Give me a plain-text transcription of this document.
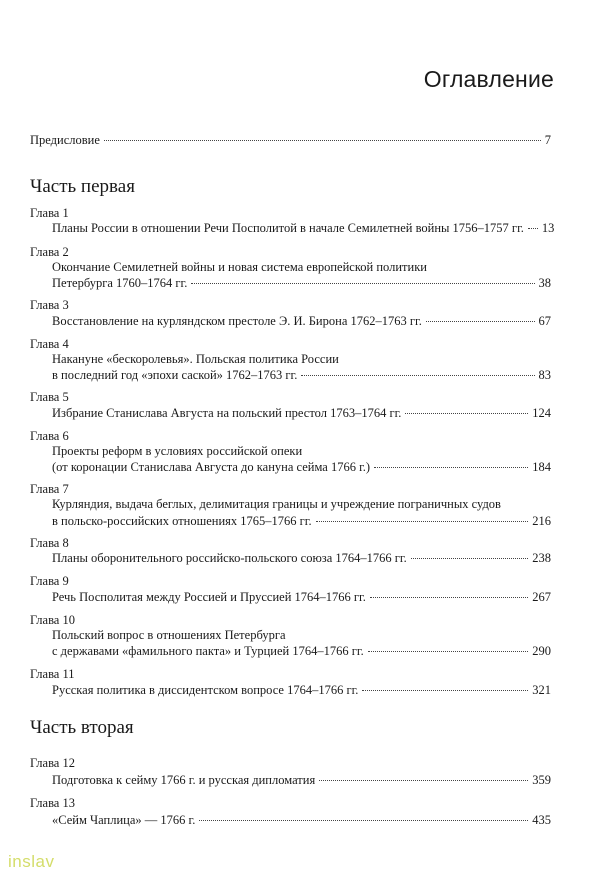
Оглавление
Предисловие	7
Часть первая
Глава 1
Планы России в отношении Речи Посполитой в начале Семилетней войны 1756–1757 гг. 13
Глава 2
Окончание Семилетней войны и новая система европейской политики
Петербурга 1760–1764 гг.	38
Глава 3
Восстановление на курляндском престоле Э. И. Бирона 1762–1763 гг.	67
Глава 4
Накануне «бескоролевья». Польская политика России
в последний год «эпохи саской» 1762–1763 гг.	83
Глава 5
Избрание Станислава Августа на польский престол 1763–1764 гг.	124
Глава 6
Проекты реформ в условиях российской опеки
(от коронации Станислава Августа до кануна сейма 1766 г.)	184
Глава 7
Курляндия, выдача беглых, делимитация границы и учреждение пограничных судов
в польско-российских отношениях 1765–1766 гг.	216
Глава 8
Планы оборонительного российско-польского союза 1764–1766 гг.	238
Глава 9
Речь Посполитая между Россией и Пруссией 1764–1766 гг.	267
Глава 10
Польский вопрос в отношениях Петербурга
с державами «фамильного пакта» и Турцией 1764–1766 гг.	290
Глава 11
Русская политика в диссидентском вопросе 1764–1766 гг.	321
Часть вторая
Глава 12
Подготовка к сейму 1766 г. и русская дипломатия	359
Глава 13
«Сейм Чаплица» — 1766 г.	435
inslav
